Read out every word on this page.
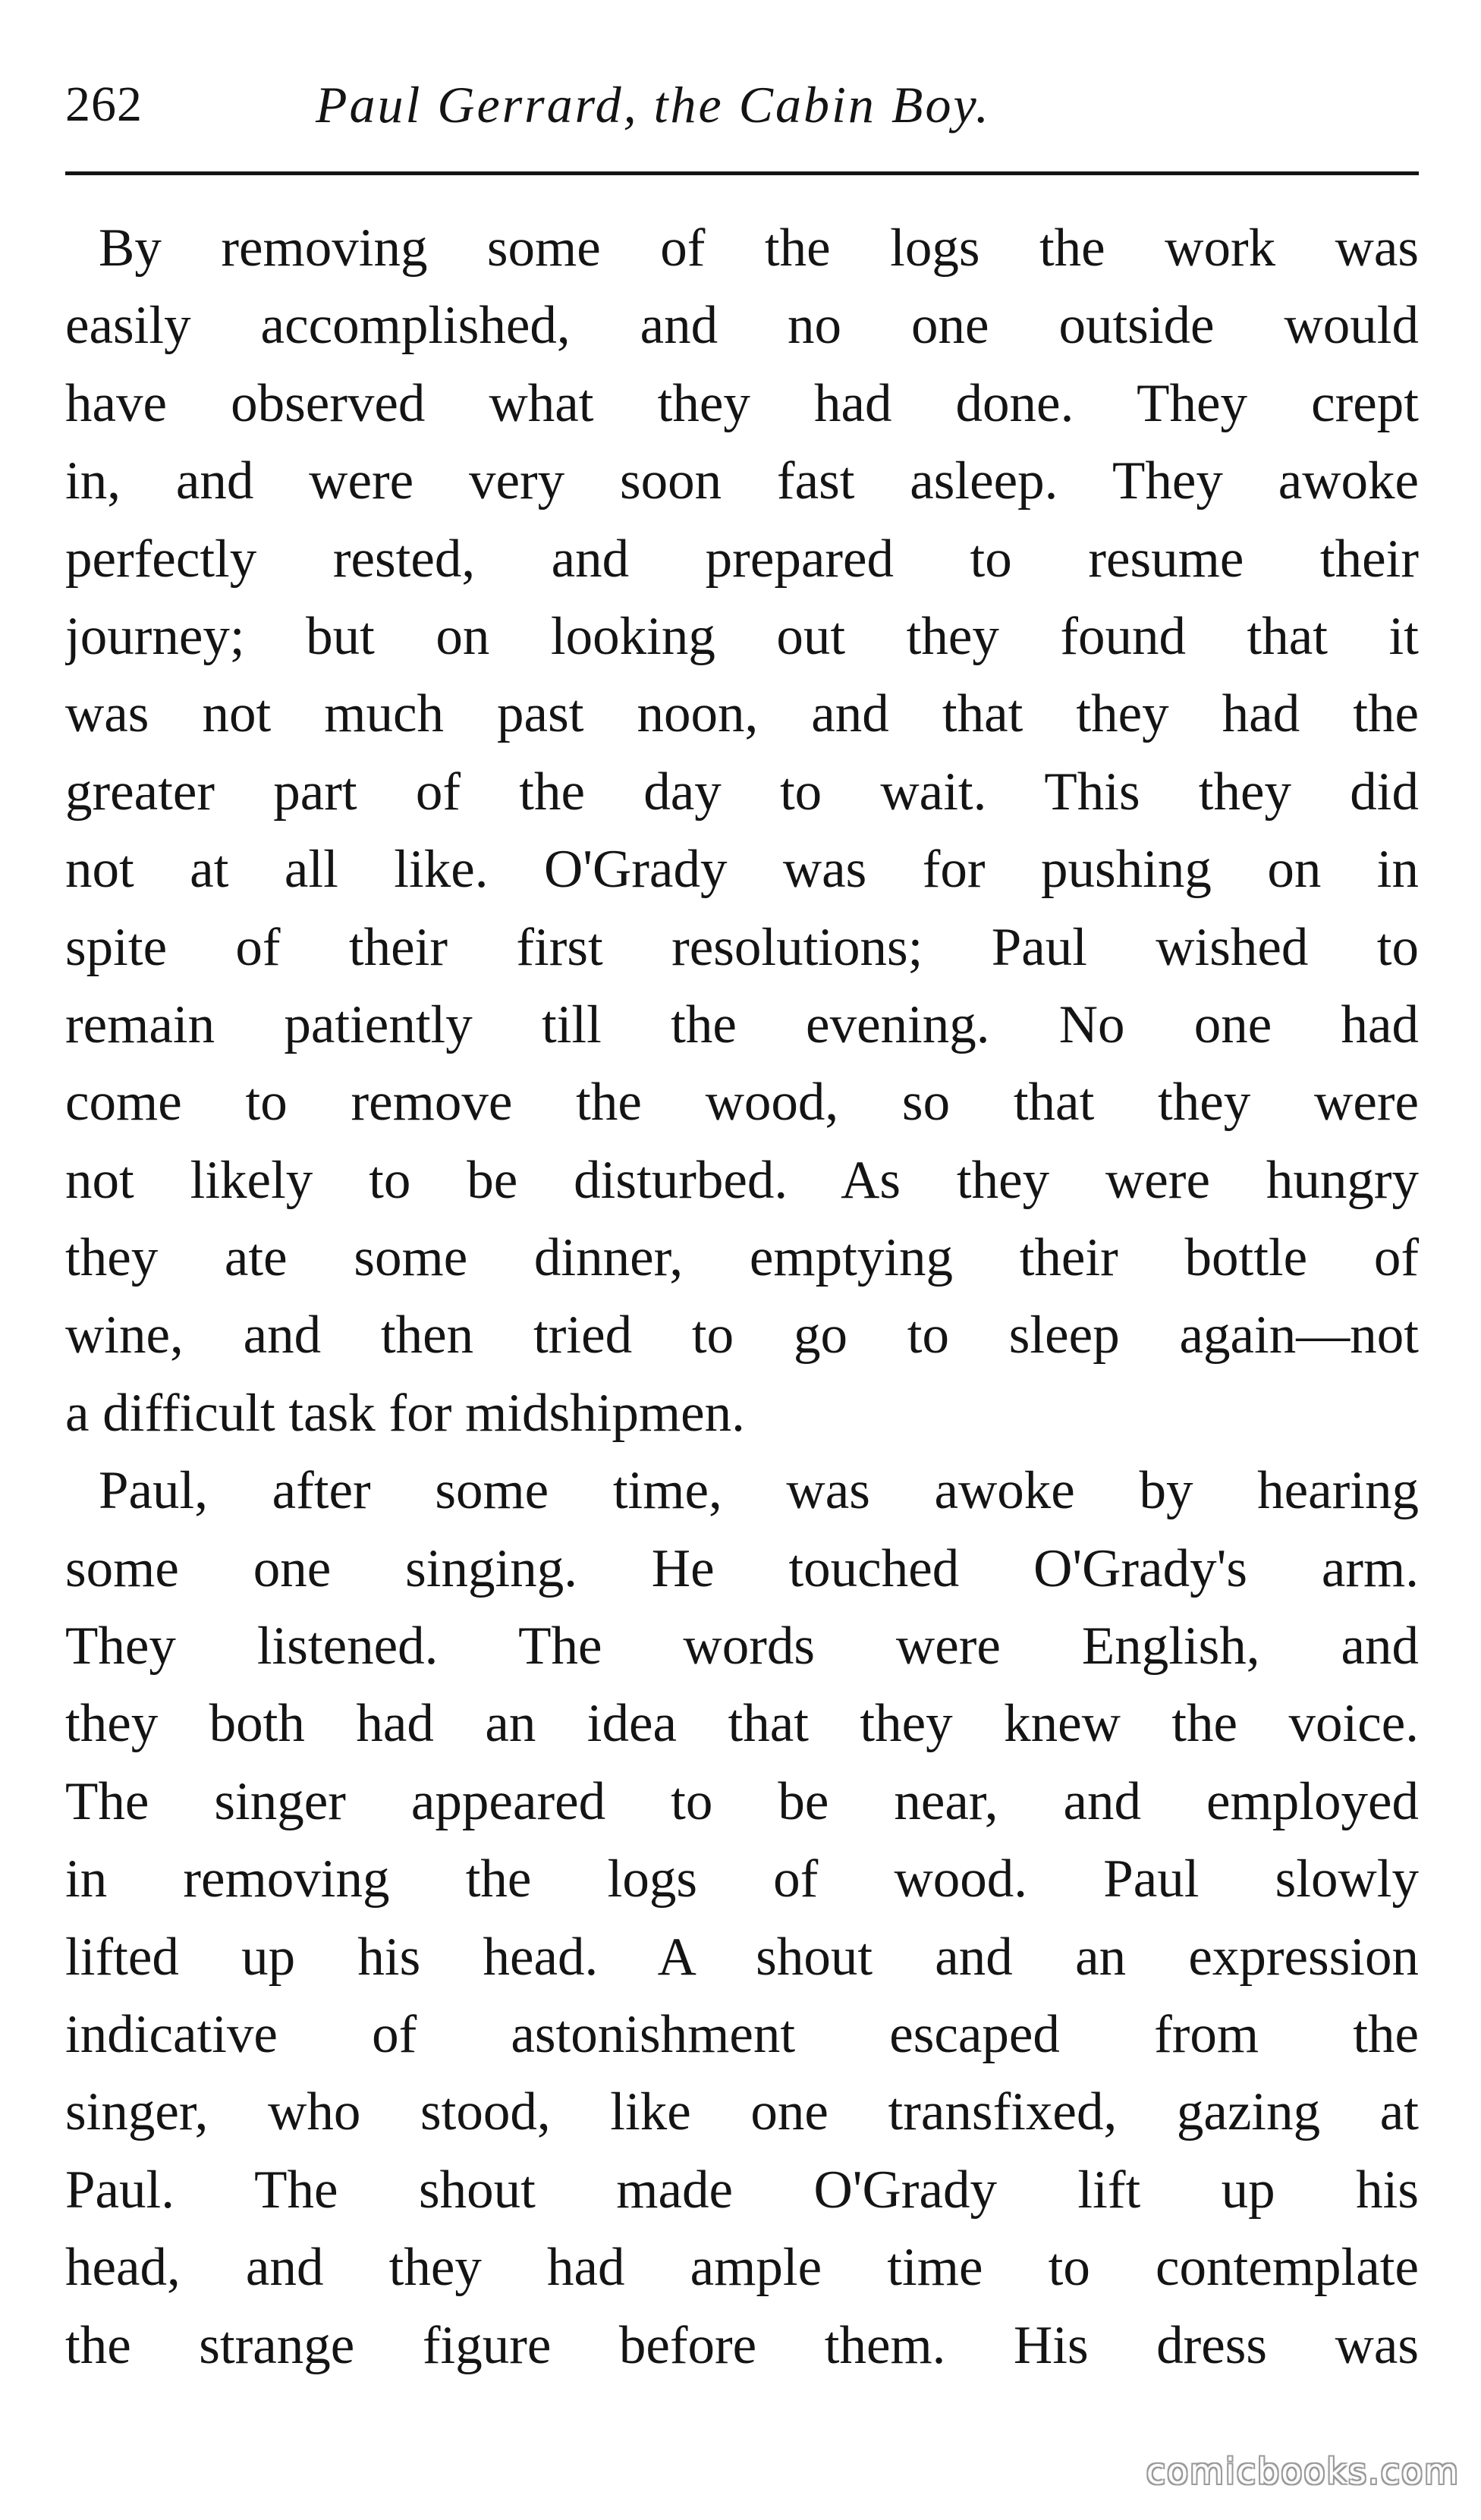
262	Paul Gerrard, the Cabin Boy.
By removing some of the logs the work was
easily accomplished, and no one outside would
have observed what they had done. They crept
in, and were very soon fast asleep. They awoke
perfectly rested, and prepared to resume their
journey; but on looking out they found that it
was not much past noon, and that they had the
greater part of the day to wait. This they did
not at all like. O'Grady was for pushing on in
spite of their first resolutions; Paul wished to
remain patiently till the evening. No one had
come to remove the wood, so that they were
not likely to be disturbed. As they were hungry
they ate some dinner, emptying their bottle of
wine, and then tried to go to sleep again—not
a difficult task for midshipmen.
Paul, after some time, was awoke by hearing
some one singing. He touched O'Grady's arm.
They listened. The words were English, and
they both had an idea that they knew the voice.
The singer appeared to be near, and employed
in removing the logs of wood. Paul slowly
lifted up his head. A shout and an expression
indicative of astonishment escaped from the
singer, who stood, like one transfixed, gazing at
Paul. The shout made O'Grady lift up his
head, and they had ample time to contemplate
the strange figure before them. His dress was
comicbooks.com
